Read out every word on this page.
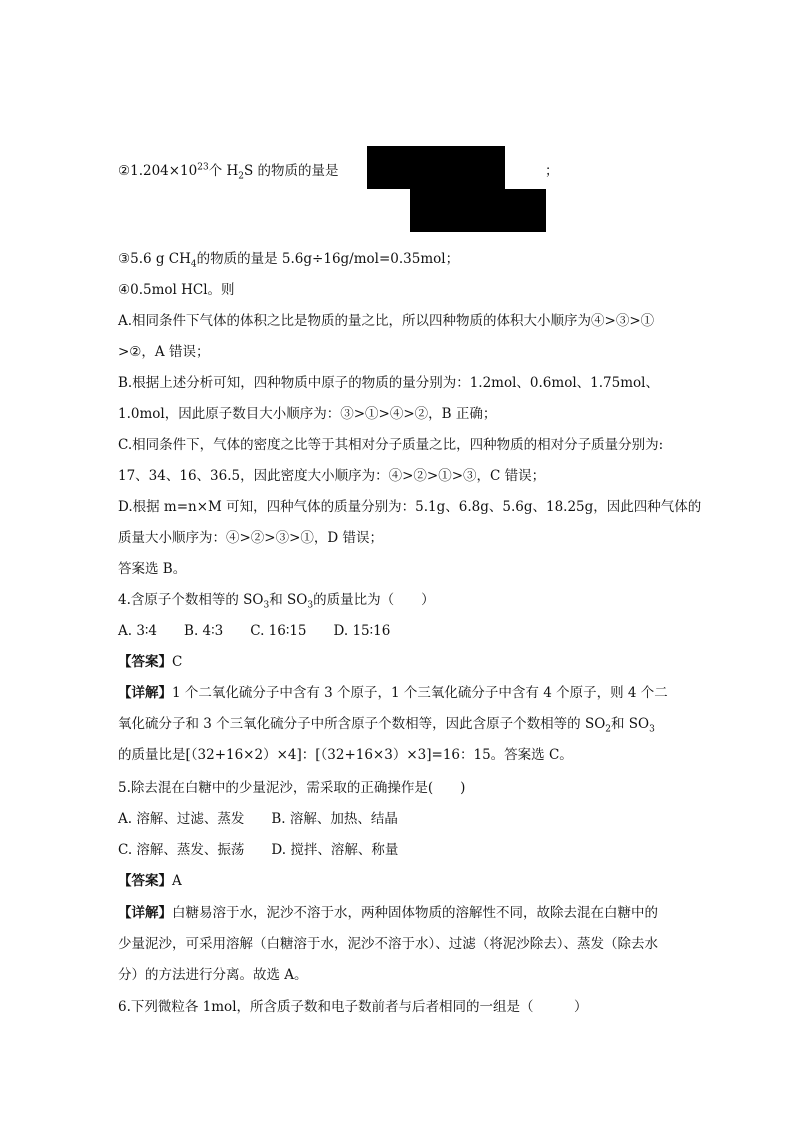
$②1.204\times 10^{23}$个 $H_2S$ 的物质的量是	；
③5.6 g $CH_4$的物质的量是 5.6g÷16g/mol=0.35mol；
④0.5mol HCl。则
A.相同条件下气体的体积之比是物质的量之比，所以四种物质的体积大小顺序为④>③>①
>②，A 错误；
B.根据上述分析可知，四种物质中原子的物质的量分别为：1.2mol、0.6mol、1.75mol、
1.0mol，因此原子数目大小顺序为：③>①>④>②，B 正确；
C.相同条件下，气体的密度之比等于其相对分子质量之比，四种物质的相对分子质量分别为:
17、34、16、36.5，因此密度大小顺序为：④>②>①>③，C 错误；
D.根据 m=n×M 可知，四种气体的质量分别为：5.1g、6.8g、5.6g、18.25g，因此四种气体的
质量大小顺序为：④>②>③>①，D 错误；
答案选 B。
4.含原子个数相等的 $SO_3$和 $SO_3$的质量比为（　　）
A. 3∶4　　B. 4∶3　　C. 16∶15　　D. 15∶16
【答案】C
【详解】1 个二氧化硫分子中含有 3 个原子，1 个三氧化硫分子中含有 4 个原子，则 4 个二
氧化硫分子和 3 个三氧化硫分子中所含原子个数相等，因此含原子个数相等的 $SO_2$和 $SO_3$
的质量比是[（32+16×2）×4]：[（32+16×3）×3]=16：15。答案选 C。
5.除去混在白糖中的少量泥沙，需采取的正确操作是(　　)
A. 溶解、过滤、蒸发　　B. 溶解、加热、结晶
C. 溶解、蒸发、振荡　　D. 搅拌、溶解、称量
【答案】A
【详解】白糖易溶于水，泥沙不溶于水，两种固体物质的溶解性不同，故除去混在白糖中的
少量泥沙，可采用溶解（白糖溶于水，泥沙不溶于水）、过滤（将泥沙除去）、蒸发（除去水
分）的方法进行分离。故选 A。
6.下列微粒各 1mol，所含质子数和电子数前者与后者相同的一组是（　　　）
